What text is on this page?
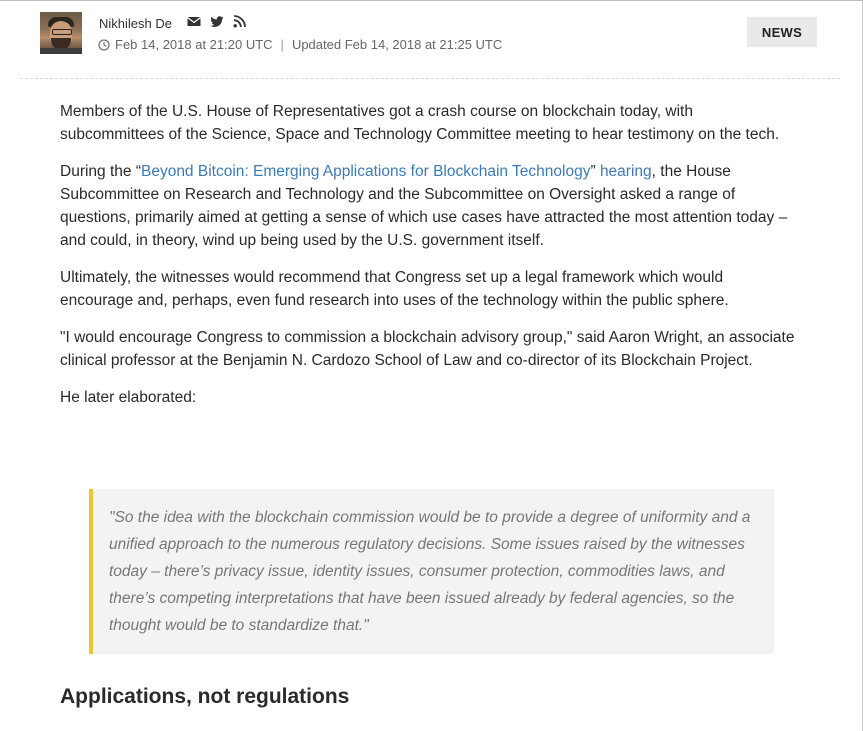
Nikhilesh De
Feb 14, 2018 at 21:20 UTC | Updated
Feb 14, 2018 at 21:25 UTC
NEWS

Members of the U.S. House of Representatives got a crash course on blockchain today, with subcommittees of the Science, Space and Technology Committee meeting to hear testimony on the tech.

During the “Beyond Bitcoin: Emerging Applications for Blockchain Technology” hearing, the House Subcommittee on Research and Technology and the Subcommittee on Oversight asked a range of questions, primarily aimed at getting a sense of which use cases have attracted the most attention today – and could, in theory, wind up being used by the U.S. government itself.

Ultimately, the witnesses would recommend that Congress set up a legal framework which would encourage and, perhaps, even fund research into uses of the technology within the public sphere.

"I would encourage Congress to commission a blockchain advisory group," said Aaron Wright, an associate clinical professor at the Benjamin N. Cardozo School of Law and co-director of its Blockchain Project.

He later elaborated:

"So the idea with the blockchain commission would be to provide a degree of uniformity and a unified approach to the numerous regulatory decisions. Some issues raised by the witnesses today – there’s privacy issue, identity issues, consumer protection, commodities laws, and there’s competing interpretations that have been issued already by federal agencies, so the thought would be to standardize that."

Applications, not regulations
